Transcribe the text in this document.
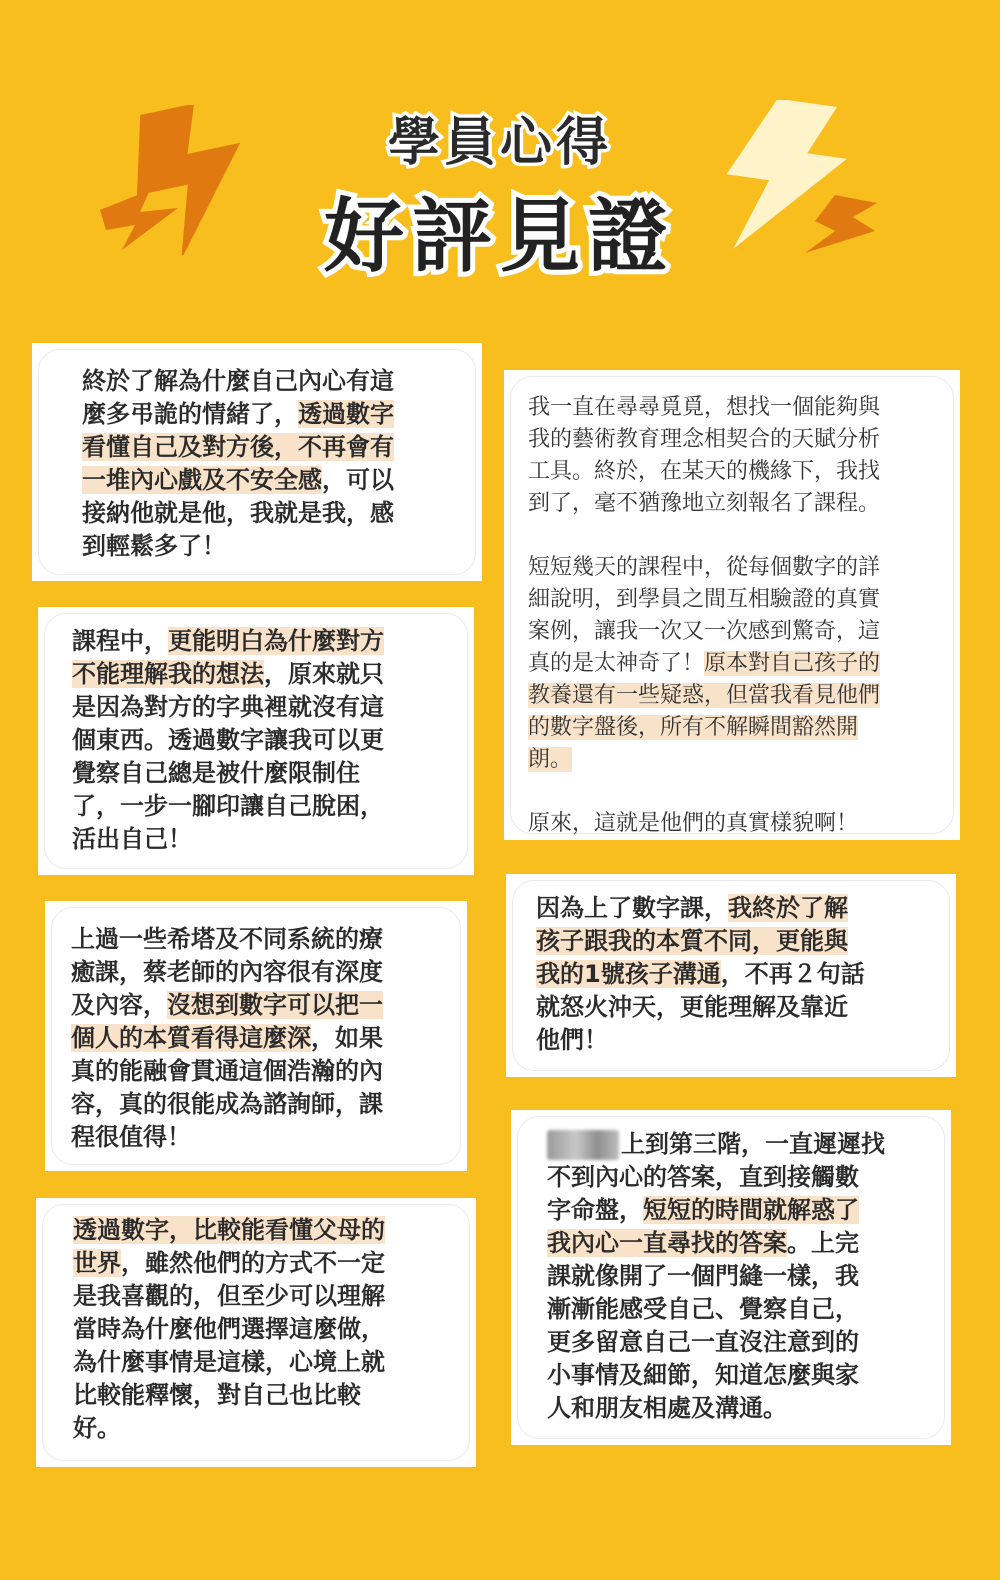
學員心得
好評見證
終於了解為什麼自己內心有這
麼多弔詭的情緒了，透過數字
看懂自己及對方後，不再會有
一堆內心戲及不安全感，可以
接納他就是他，我就是我，感
到輕鬆多了！
課程中，更能明白為什麼對方
不能理解我的想法，原來就只
是因為對方的字典裡就沒有這
個東西。透過數字讓我可以更
覺察自己總是被什麼限制住
了，一步一腳印讓自己脫困，
活出自己！
上過一些希塔及不同系統的療
癒課，蔡老師的內容很有深度
及內容，沒想到數字可以把一
個人的本質看得這麼深，如果
真的能融會貫通這個浩瀚的內
容，真的很能成為諮詢師，課
程很值得！
透過數字，比較能看懂父母的
世界，雖然他們的方式不一定
是我喜觀的，但至少可以理解
當時為什麼他們選擇這麼做，
為什麼事情是這樣，心境上就
比較能釋懷，對自己也比較
好。
我一直在尋尋覓覓，想找一個能夠與
我的藝術教育理念相契合的天賦分析
工具。終於，在某天的機緣下，我找
到了，毫不猶豫地立刻報名了課程。

短短幾天的課程中，從每個數字的詳
細說明，到學員之間互相驗證的真實
案例，讓我一次又一次感到驚奇，這
真的是太神奇了！原本對自己孩子的
教養還有一些疑惑，但當我看見他們
的數字盤後，所有不解瞬間豁然開
朗。

原來，這就是他們的真實樣貌啊！
因為上了數字課，我終於了解
孩子跟我的本質不同，更能與
我的1號孩子溝通，不再２句話
就怒火沖天，更能理解及靠近
他們！
上到第三階，一直遲遲找
不到內心的答案，直到接觸數
字命盤，短短的時間就解惑了
我內心一直尋找的答案。上完
課就像開了一個門縫一樣，我
漸漸能感受自己、覺察自己，
更多留意自己一直沒注意到的
小事情及細節，知道怎麼與家
人和朋友相處及溝通。
